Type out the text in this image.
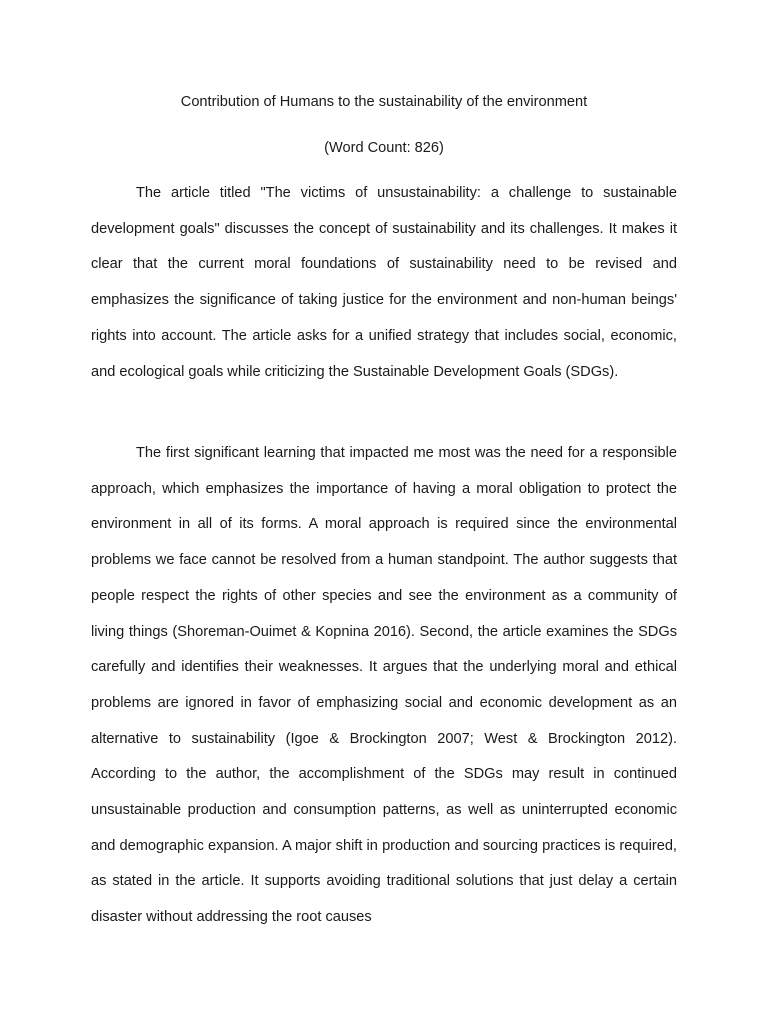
Contribution of Humans to the sustainability of the environment
(Word Count: 826)

The article titled "The victims of unsustainability: a challenge to sustainable development goals" discusses the concept of sustainability and its challenges. It makes it clear that the current moral foundations of sustainability need to be revised and emphasizes the significance of taking justice for the environment and non-human beings' rights into account. The article asks for a unified strategy that includes social, economic, and ecological goals while criticizing the Sustainable Development Goals (SDGs).

The first significant learning that impacted me most was the need for a responsible approach, which emphasizes the importance of having a moral obligation to protect the environment in all of its forms. A moral approach is required since the environmental problems we face cannot be resolved from a human standpoint. The author suggests that people respect the rights of other species and see the environment as a community of living things (Shoreman-Ouimet & Kopnina 2016). Second, the article examines the SDGs carefully and identifies their weaknesses. It argues that the underlying moral and ethical problems are ignored in favor of emphasizing social and economic development as an alternative to sustainability (Igoe & Brockington 2007; West & Brockington 2012). According to the author, the accomplishment of the SDGs may result in continued unsustainable production and consumption patterns, as well as uninterrupted economic and demographic expansion. A major shift in production and sourcing practices is required, as stated in the article. It supports avoiding traditional solutions that just delay a certain disaster without addressing the root causes
